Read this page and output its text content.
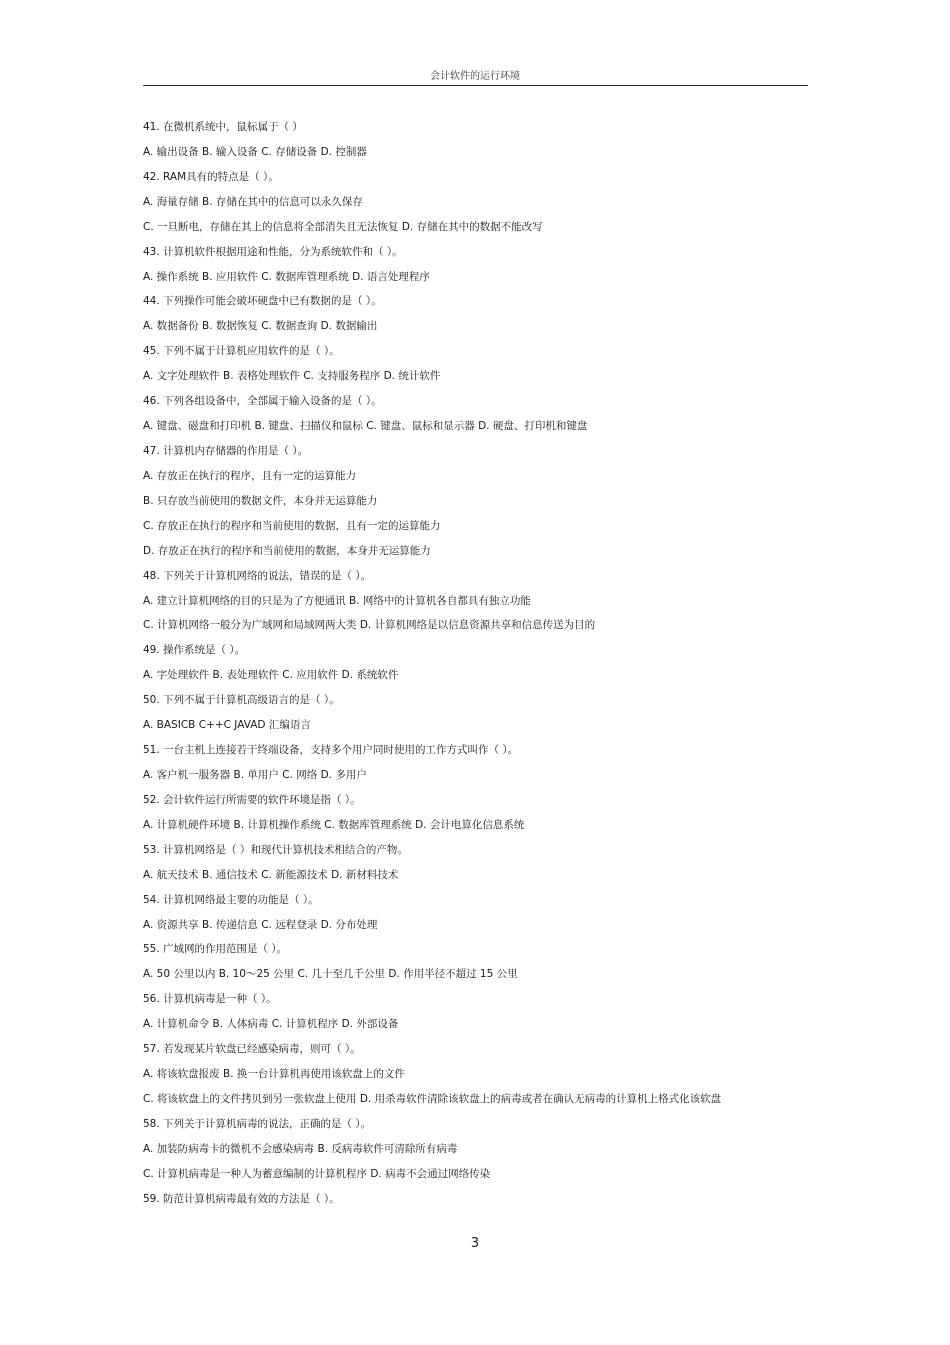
会计软件的运行环境
41. 在微机系统中，鼠标属于（ ）
A. 输出设备 B. 输入设备 C. 存储设备 D. 控制器
42. RAM具有的特点是（ ）。
A. 海量存储 B. 存储在其中的信息可以永久保存
C. 一旦断电，存储在其上的信息将全部消失且无法恢复 D. 存储在其中的数据不能改写
43. 计算机软件根据用途和性能，分为系统软件和（ ）。
A. 操作系统 B. 应用软件 C. 数据库管理系统 D. 语言处理程序
44. 下列操作可能会破坏硬盘中已有数据的是（ ）。
A. 数据备份 B. 数据恢复 C. 数据查询 D. 数据输出
45. 下列不属于计算机应用软件的是（ ）。
A. 文字处理软件 B. 表格处理软件 C. 支持服务程序 D. 统计软件
46. 下列各组设备中，全部属于输入设备的是（ ）。
A. 键盘、磁盘和打印机 B. 键盘、扫描仪和鼠标 C. 键盘、鼠标和显示器 D. 硬盘、打印机和键盘
47. 计算机内存储器的作用是（ ）。
A. 存放正在执行的程序，且有一定的运算能力
B. 只存放当前使用的数据文件，本身并无运算能力
C. 存放正在执行的程序和当前使用的数据，且有一定的运算能力
D. 存放正在执行的程序和当前使用的数据，本身并无运算能力
48. 下列关于计算机网络的说法，错误的是（ ）。
A. 建立计算机网络的目的只是为了方便通讯 B. 网络中的计算机各自都具有独立功能
C. 计算机网络一般分为广域网和局域网两大类 D. 计算机网络是以信息资源共享和信息传送为目的
49. 操作系统是（ ）。
A. 字处理软件 B. 表处理软件 C. 应用软件 D. 系统软件
50. 下列不属于计算机高级语言的是（ ）。
A. BASICB C++C JAVAD 汇编语言
51. 一台主机上连接若干终端设备，支持多个用户同时使用的工作方式叫作（ ）。
A. 客户机一服务器 B. 单用户 C. 网络 D. 多用户
52. 会计软件运行所需要的软件环境是指（ ）。
A. 计算机硬件环境 B. 计算机操作系统 C. 数据库管理系统 D. 会计电算化信息系统
53. 计算机网络是（ ）和现代计算机技术相结合的产物。
A. 航天技术 B. 通信技术 C. 新能源技术 D. 新材料技术
54. 计算机网络最主要的功能是（ ）。
A. 资源共享 B. 传递信息 C. 远程登录 D. 分布处理
55. 广域网的作用范围是（ ）。
A. 50 公里以内 B. 10～25 公里 C. 几十至几千公里 D. 作用半径不超过 15 公里
56. 计算机病毒是一种（ ）。
A. 计算机命令 B. 人体病毒 C. 计算机程序 D. 外部设备
57. 若发现某片软盘已经感染病毒，则可（ ）。
A. 将该软盘报废 B. 换一台计算机再使用该软盘上的文件
C. 将该软盘上的文件拷贝到另一张软盘上使用 D. 用杀毒软件清除该软盘上的病毒或者在确认无病毒的计算机上格式化该软盘
58. 下列关于计算机病毒的说法，正确的是（ ）。
A. 加装防病毒卡的微机不会感染病毒 B. 反病毒软件可清除所有病毒
C. 计算机病毒是一种人为蓄意编制的计算机程序 D. 病毒不会通过网络传染
59. 防范计算机病毒最有效的方法是（ ）。
3
